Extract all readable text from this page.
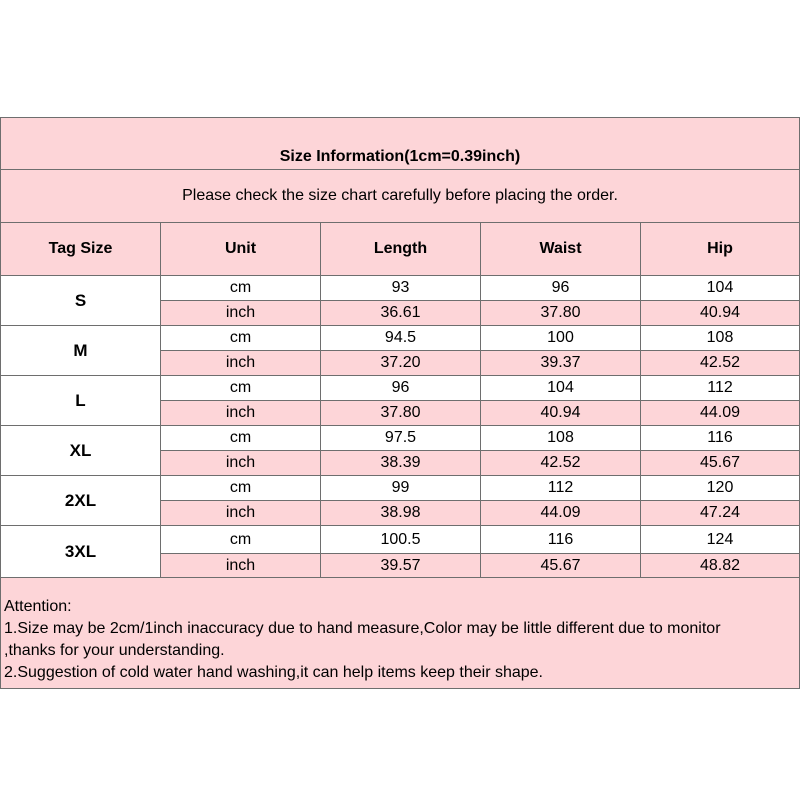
Size Information(1cm=0.39inch)				
Please check the size chart carefully before placing the order.				
Tag Size	Unit	Length	Waist	Hip
S	cm	93	96	104
	inch	36.61	37.80	40.94
M	cm	94.5	100	108
	inch	37.20	39.37	42.52
L	cm	96	104	112
	inch	37.80	40.94	44.09
XL	cm	97.5	108	116
	inch	38.39	42.52	45.67
2XL	cm	99	112	120
	inch	38.98	44.09	47.24
3XL	cm	100.5	116	124
	inch	39.57	45.67	48.82

Attention:
1.Size may be 2cm/1inch inaccuracy due to hand measure,Color may be little different due to monitor
,thanks for your understanding.
2.Suggestion of cold water hand washing,it can help items keep their shape.				
